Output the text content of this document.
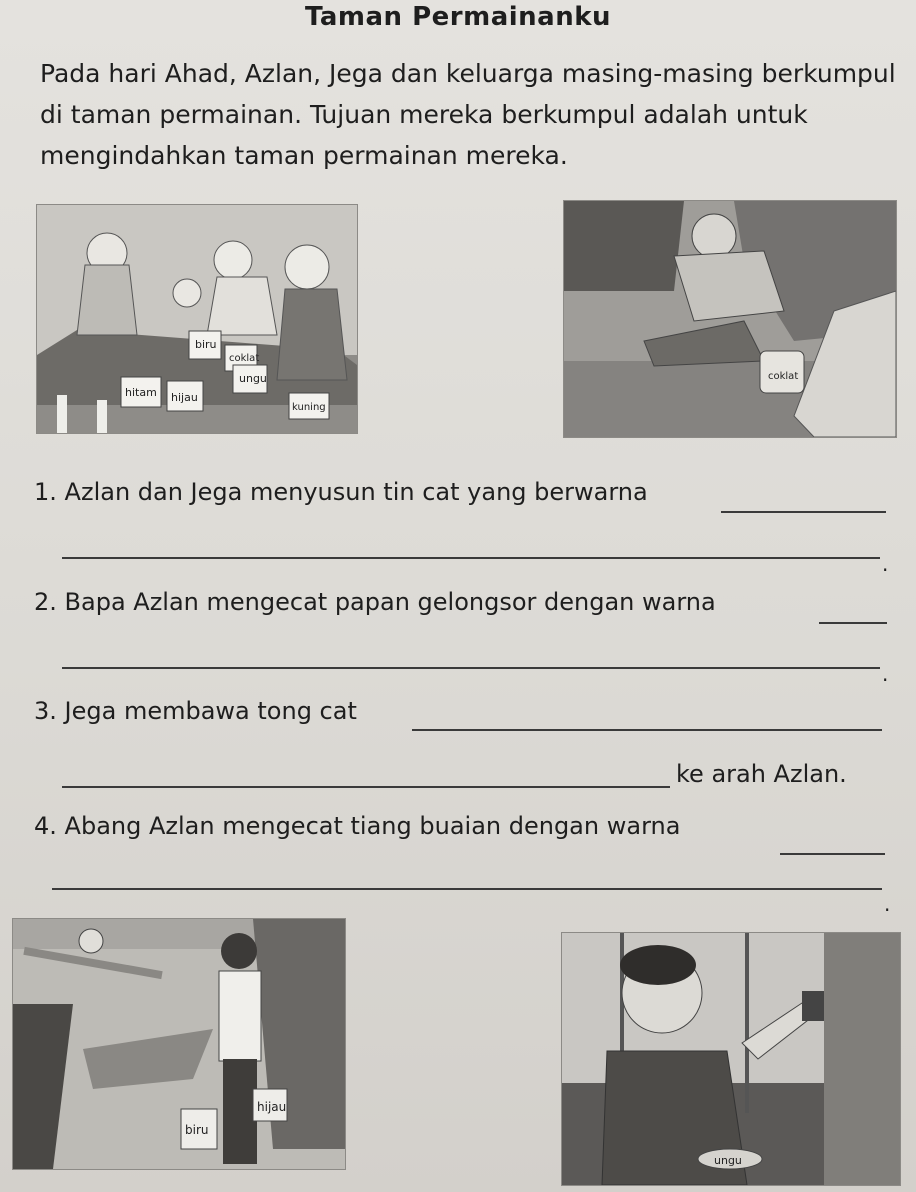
Taman Permainanku

Pada hari Ahad, Azlan, Jega dan keluarga masing-masing berkumpul di taman permainan. Tujuan mereka berkumpul adalah untuk mengindahkan taman permainan mereka.

biru
coklat
ungu
hitam hijau
kuning
coklat
1. Azlan dan Jega menyusun tin cat yang berwarna
.
2. Bapa Azlan mengecat papan gelongsor dengan warna
.
3. Jega membawa tong cat
ke arah Azlan.
4. Abang Azlan mengecat tiang buaian dengan warna
.
hijau
biru
ungu
